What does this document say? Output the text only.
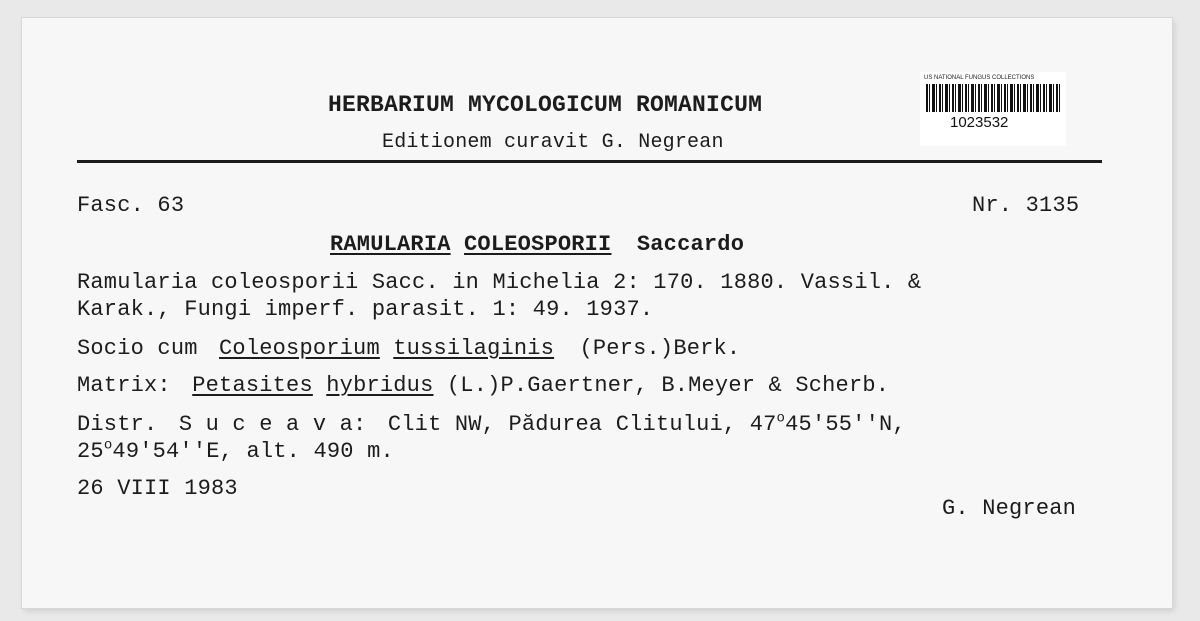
HERBARIUM MYCOLOGICUM ROMANICUM
Editionem curavit G. Negrean
US NATIONAL FUNGUS COLLECTIONS
1023532
Fasc. 63	Nr. 3135
RAMULARIA COLEOSPORII Saccardo
Ramularia coleosporii Sacc. in Michelia 2: 170. 1880. Vassil. &
Karak., Fungi imperf. parasit. 1: 49. 1937.
Socio cum Coleosporium tussilaginis (Pers.)Berk.
Matrix: Petasites hybridus (L.)P.Gaertner, B.Meyer & Scherb.
Distr. S u c e a v a: Clit NW, Pădurea Clitului, 47$^o$45'55''N,
25$^o$49'54''E, alt. 490 m.
26 VIII 1983
G. Negrean
